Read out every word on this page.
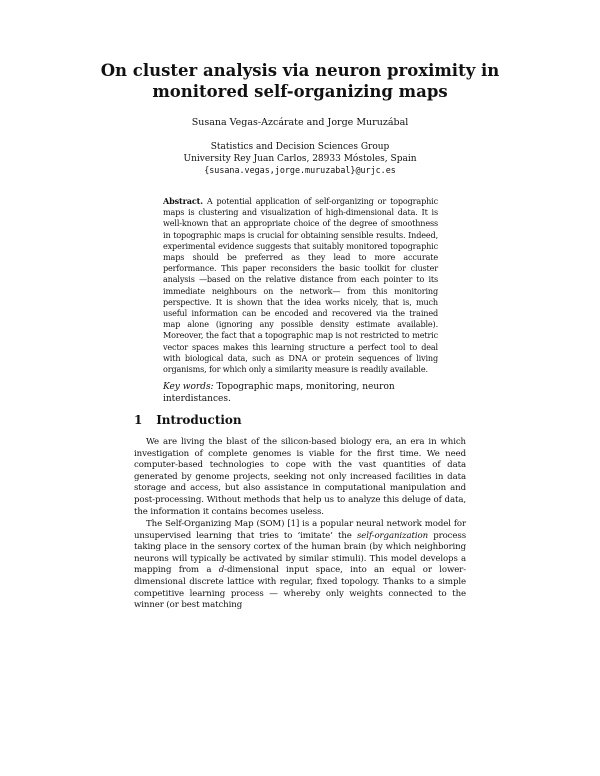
On cluster analysis via neuron proximity in
monitored self-organizing maps
Susana Vegas-Azcárate and Jorge Muruzábal
Statistics and Decision Sciences Group
University Rey Juan Carlos, 28933 Móstoles, Spain
{susana.vegas,jorge.muruzabal}@urjc.es
Abstract. A potential application of self-organizing or topographic maps is clustering and visualization of high-dimensional data. It is well-known that an appropriate choice of the degree of smoothness in topographic maps is crucial for obtaining sensible results. Indeed, experimental evidence suggests that suitably monitored topographic maps should be preferred as they lead to more accurate performance. This paper reconsiders the basic toolkit for cluster analysis —based on the relative distance from each pointer to its immediate neighbours on the network— from this monitoring perspective. It is shown that the idea works nicely, that is, much useful information can be encoded and recovered via the trained map alone (ignoring any possible density estimate available). Moreover, the fact that a topographic map is not restricted to metric vector spaces makes this learning structure a perfect tool to deal with biological data, such as DNA or protein sequences of living organisms, for which only a similarity measure is readily available.
Key words: Topographic maps, monitoring, neuron interdistances.
1 Introduction
We are living the blast of the silicon-based biology era, an era in which investigation of complete genomes is viable for the first time. We need computer-based technologies to cope with the vast quantities of data generated by genome projects, seeking not only increased facilities in data storage and access, but also assistance in computational manipulation and post-processing. Without methods that help us to analyze this deluge of data, the information it contains becomes useless.
The Self-Organizing Map (SOM) [1] is a popular neural network model for unsupervised learning that tries to ‘imitate’ the self-organization process taking place in the sensory cortex of the human brain (by which neighboring neurons will typically be activated by similar stimuli). This model develops a mapping from a d-dimensional input space, into an equal or lower-dimensional discrete lattice with regular, fixed topology. Thanks to a simple competitive learning process — whereby only weights connected to the winner (or best matching
